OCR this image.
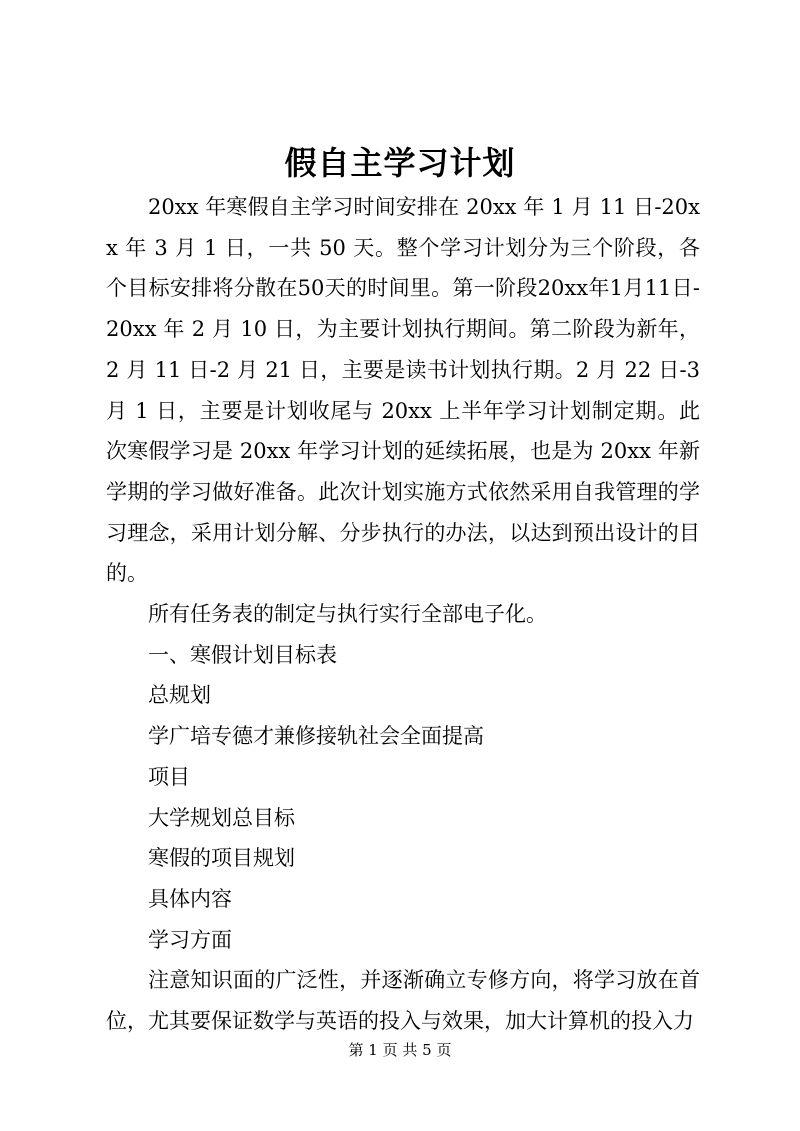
假自主学习计划

20xx 年寒假自主学习时间安排在 20xx 年 1 月 11 日-20xx 年 3 月 1 日，一共 50 天。整个学习计划分为三个阶段，各个目标安排将分散在50天的时间里。第一阶段20xx年1月11日-20xx 年 2 月 10 日，为主要计划执行期间。第二阶段为新年，2 月 11 日-2 月 21 日，主要是读书计划执行期。2 月 22 日-3 月 1 日，主要是计划收尾与 20xx 上半年学习计划制定期。此次寒假学习是 20xx 年学习计划的延续拓展，也是为 20xx 年新学期的学习做好准备。此次计划实施方式依然采用自我管理的学习理念，采用计划分解、分步执行的办法，以达到预出设计的目的。

所有任务表的制定与执行实行全部电子化。

一、寒假计划目标表

总规划

学广培专德才兼修接轨社会全面提高

项目

大学规划总目标

寒假的项目规划

具体内容

学习方面

注意知识面的广泛性，并逐渐确立专修方向，将学习放在首位，尤其要保证数学与英语的投入与效果，加大计算机的投入力

第 1 页 共 5 页
